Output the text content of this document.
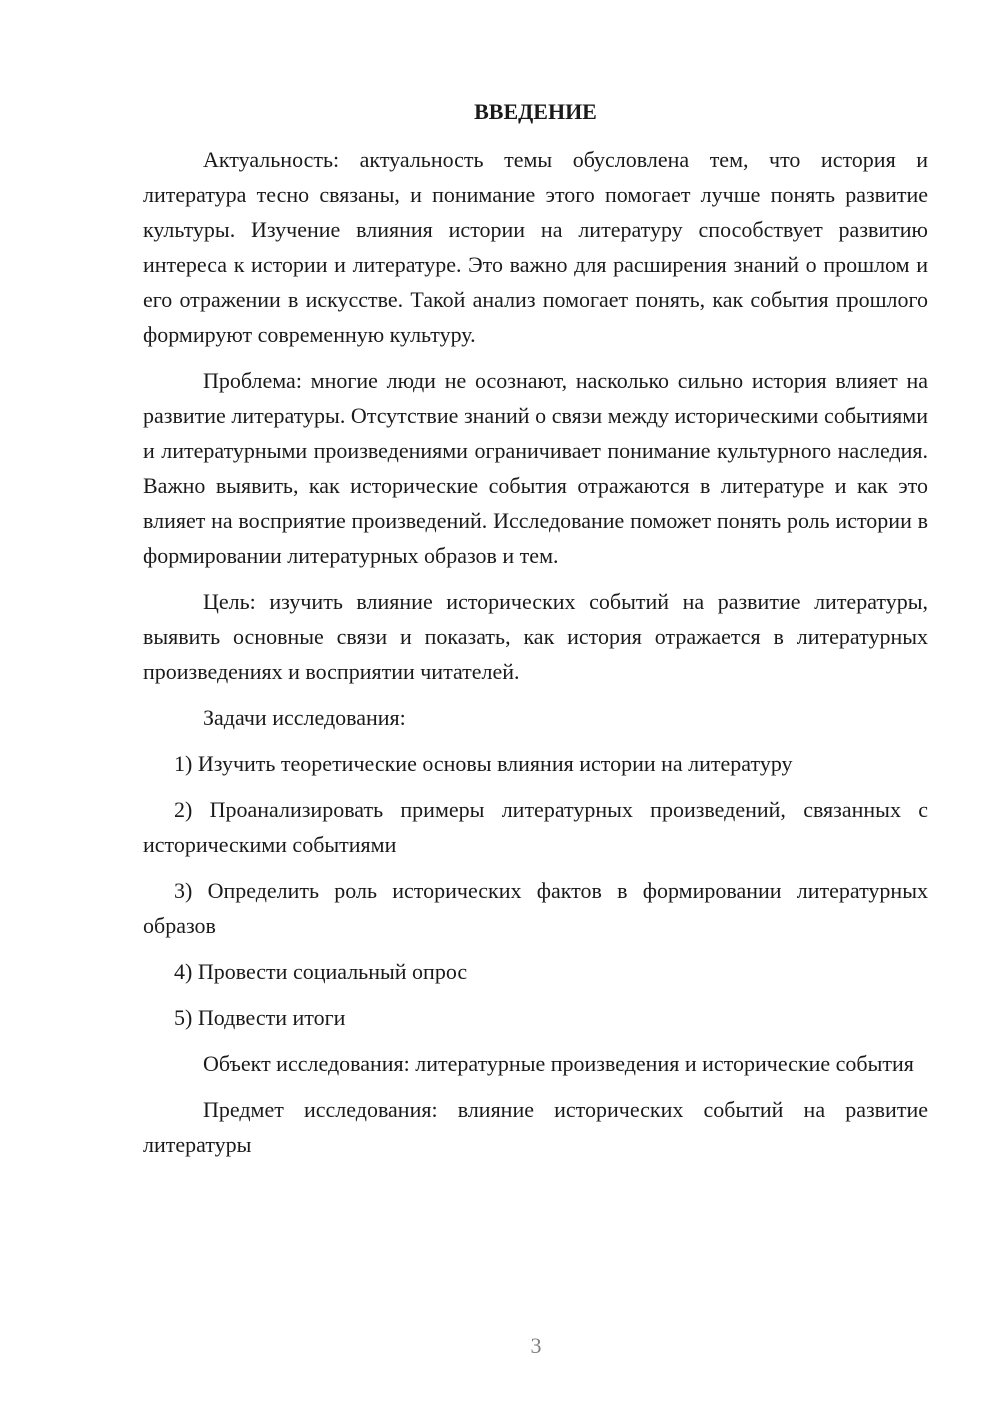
ВВЕДЕНИЕ

Актуальность: актуальность темы обусловлена тем, что история и литература тесно связаны, и понимание этого помогает лучше понять развитие культуры. Изучение влияния истории на литературу способствует развитию интереса к истории и литературе. Это важно для расширения знаний о прошлом и его отражении в искусстве. Такой анализ помогает понять, как события прошлого формируют современную культуру.

Проблема: многие люди не осознают, насколько сильно история влияет на развитие литературы. Отсутствие знаний о связи между историческими событиями и литературными произведениями ограничивает понимание культурного наследия. Важно выявить, как исторические события отражаются в литературе и как это влияет на восприятие произведений. Исследование поможет понять роль истории в формировании литературных образов и тем.

Цель: изучить влияние исторических событий на развитие литературы, выявить основные связи и показать, как история отражается в литературных произведениях и восприятии читателей.

Задачи исследования:

1) Изучить теоретические основы влияния истории на литературу

2) Проанализировать примеры литературных произведений, связанных с историческими событиями

3) Определить роль исторических фактов в формировании литературных образов

4) Провести социальный опрос

5) Подвести итоги

Объект исследования: литературные произведения и исторические события

Предмет исследования: влияние исторических событий на развитие литературы

3
